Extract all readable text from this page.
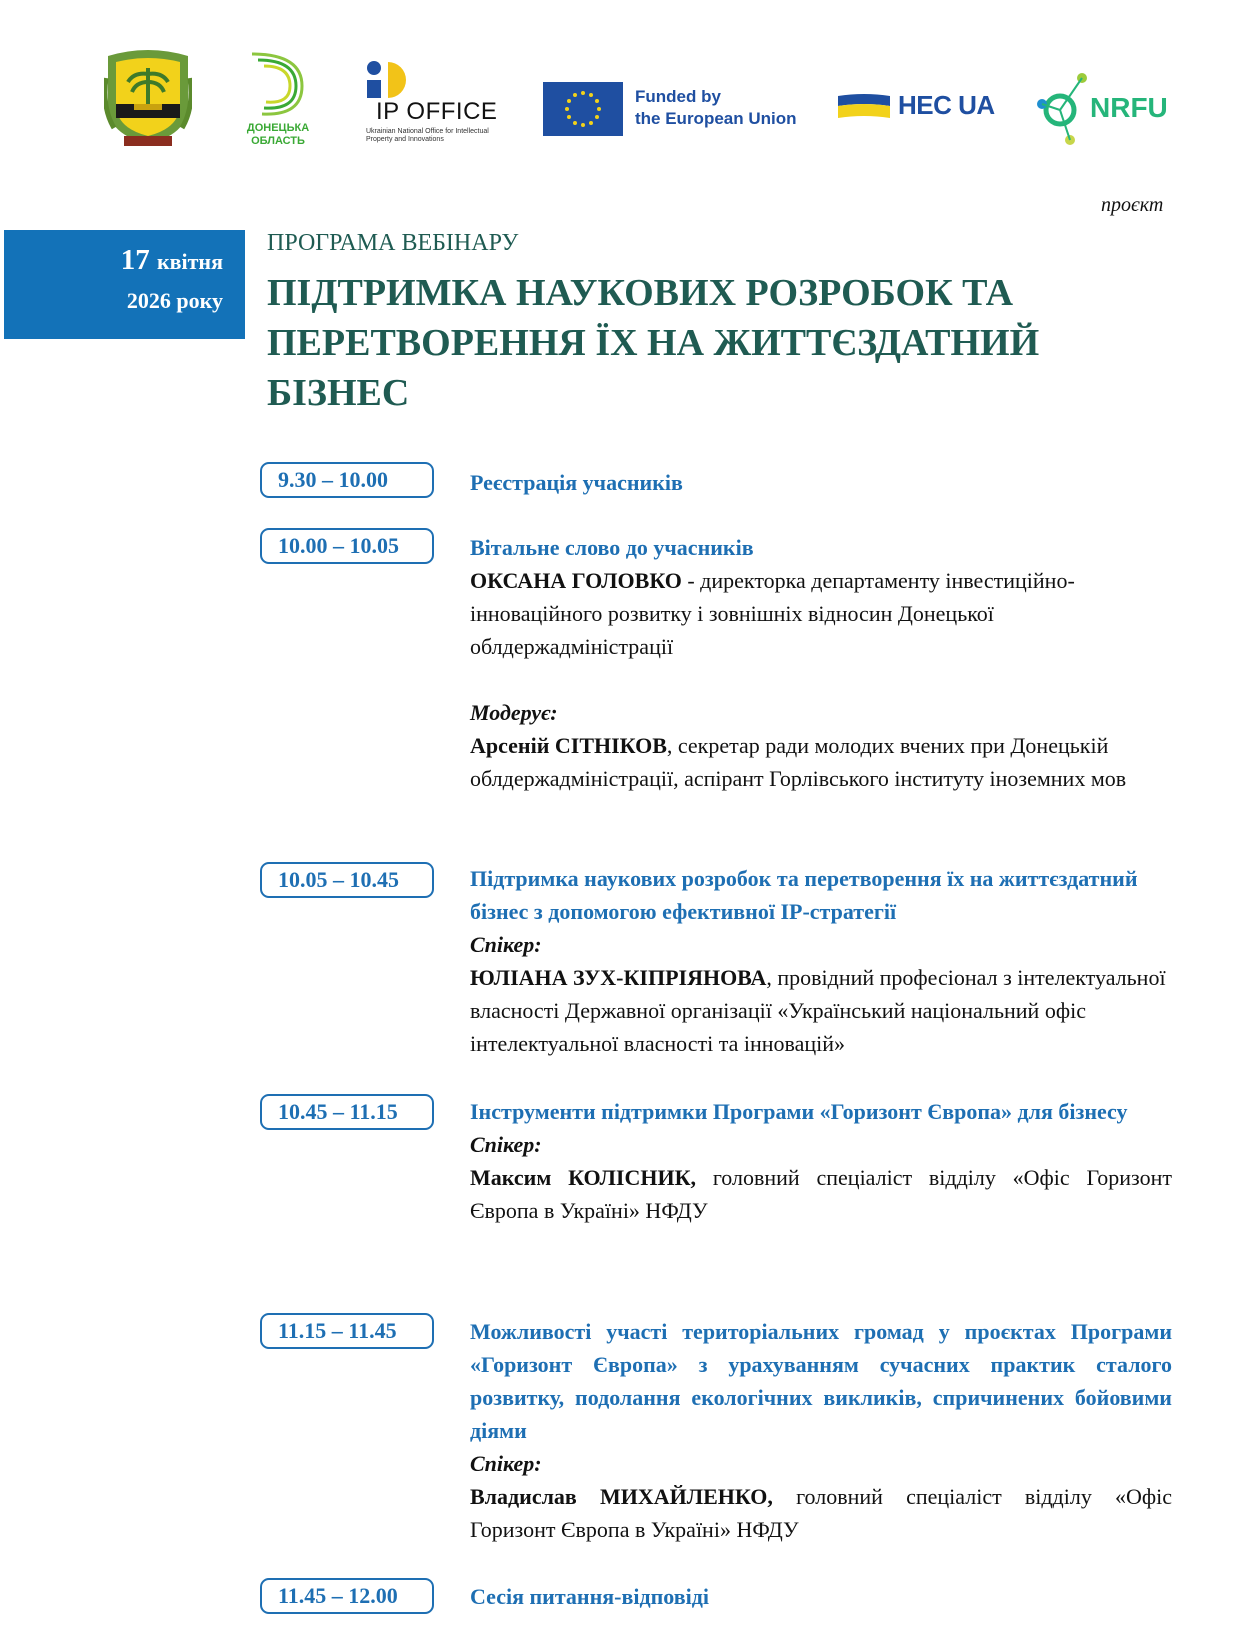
ДОНЕЦЬКА
ОБЛАСТЬ
IP OFFICE
Ukrainian National Office for Intellectual Property and Innovations
Funded by
the European Union	HEC UA	NRFU
проєкт
17 квітня
2026 року
ПРОГРАМА ВЕБІНАРУ
ПІДТРИМКА НАУКОВИХ РОЗРОБОК ТА ПЕРЕТВОРЕННЯ ЇХ НА ЖИТТЄЗДАТНИЙ БІЗНЕС
9.30 – 10.00	Реєстрація учасників

10.00 – 10.05	Вітальне слово до учасників

ОКСАНА ГОЛОВКО - директорка департаменту інвестиційно-інноваційного розвитку і зовнішніх відносин Донецької облдержадміністрації

Модерує:

Арсеній СІТНІКОВ, секретар ради молодих вчених при Донецькій облдержадміністрації, аспірант Горлівського інституту іноземних мов

10.05 – 10.45	Підтримка наукових розробок та перетворення їх на життєздатний бізнес з допомогою ефективної ІР-стратегії

Спікер:

ЮЛІАНА ЗУХ-КІПРІЯНОВА, провідний професіонал з інтелектуальної власності Державної організації «Український національний офіс інтелектуальної власності та інновацій»

10.45 – 11.15	Інструменти підтримки Програми «Горизонт Європа» для бізнесу

Спікер:

Максим КОЛІСНИК, головний спеціаліст відділу «Офіс Горизонт Європа в Україні» НФДУ

11.15 – 11.45	Можливості участі територіальних громад у проєктах Програми «Горизонт Європа» з урахуванням сучасних практик сталого розвитку, подолання екологічних викликів, спричинених бойовими діями

Спікер:

Владислав МИХАЙЛЕНКО, головний спеціаліст відділу «Офіс Горизонт Європа в Україні» НФДУ

11.45 – 12.00	Сесія питання-відповіді
